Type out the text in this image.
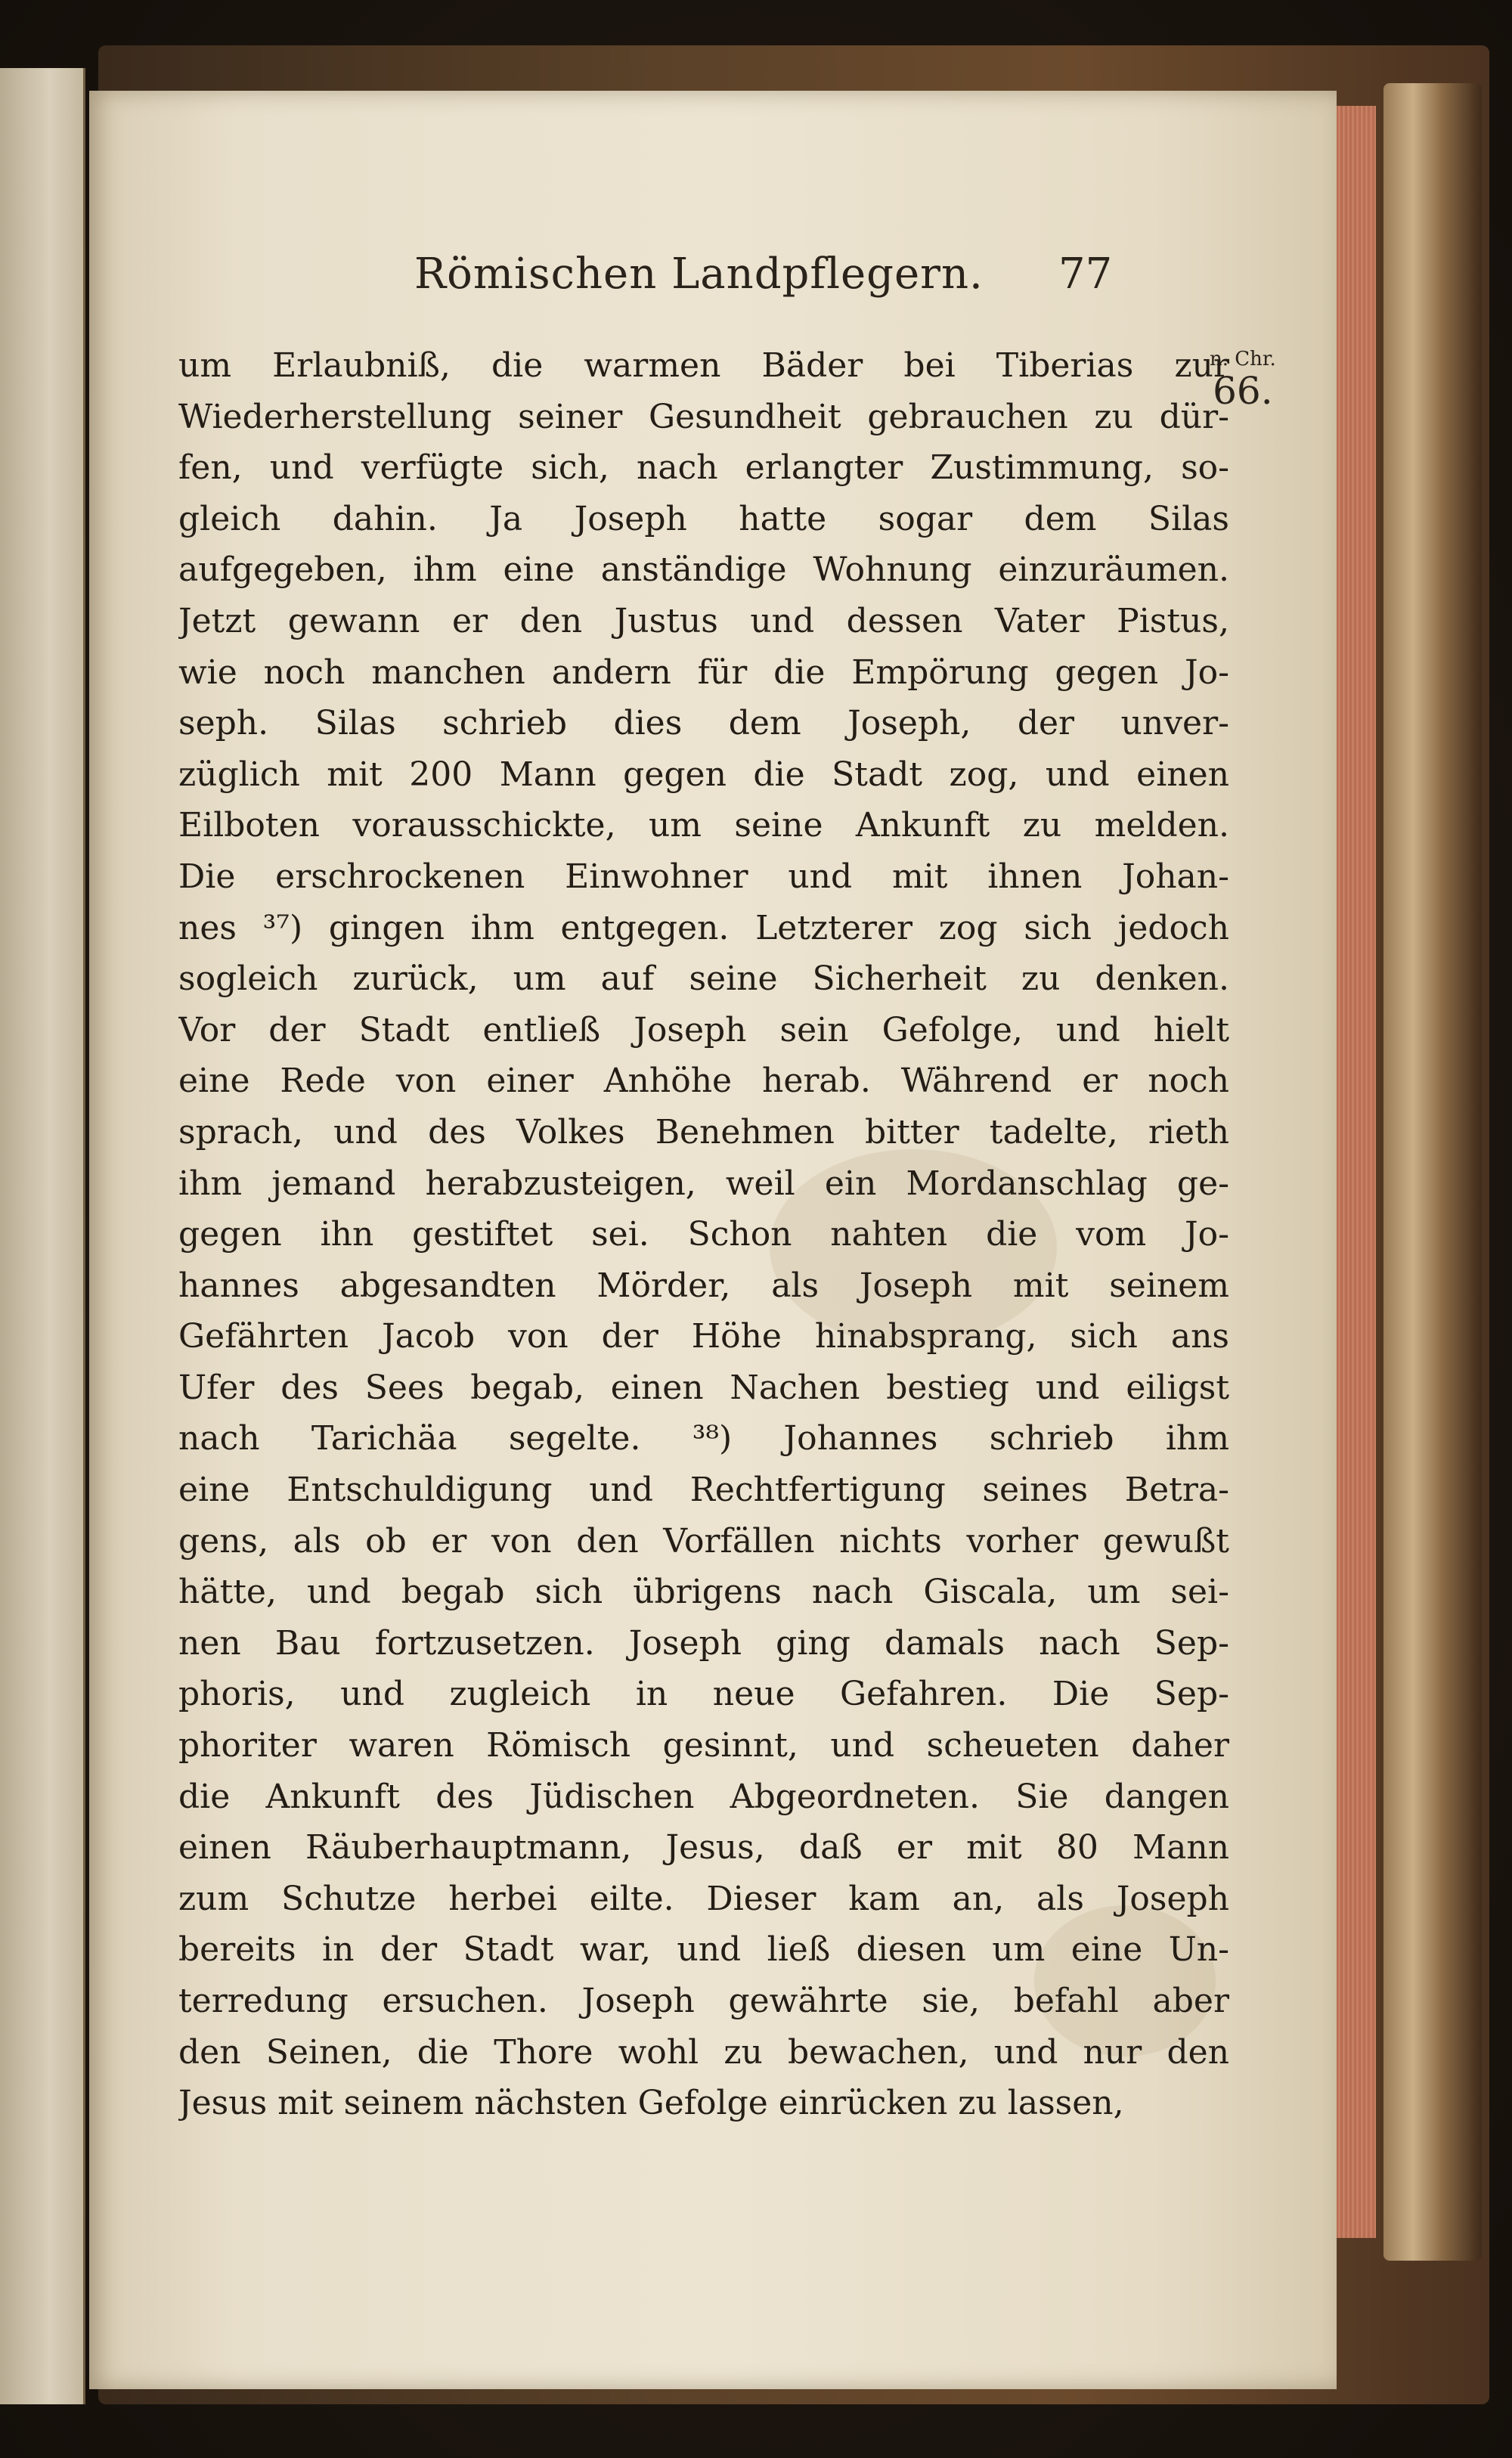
Römischen Landpflegern. 77
n. Chr.
66.
um Erlaubniß, die warmen Bäder bei Tiberias zur
Wiederherstellung seiner Gesundheit gebrauchen zu dür-
fen, und verfügte sich, nach erlangter Zustimmung, so-
gleich dahin. Ja Joseph hatte sogar dem Silas
aufgegeben, ihm eine anständige Wohnung einzuräumen.
Jetzt gewann er den Justus und dessen Vater Pistus,
wie noch manchen andern für die Empörung gegen Jo-
seph. Silas schrieb dies dem Joseph, der unver-
züglich mit 200 Mann gegen die Stadt zog, und einen
Eilboten vorausschickte, um seine Ankunft zu melden.
Die erschrockenen Einwohner und mit ihnen Johan-
nes ³⁷) gingen ihm entgegen. Letzterer zog sich jedoch
sogleich zurück, um auf seine Sicherheit zu denken.
Vor der Stadt entließ Joseph sein Gefolge, und hielt
eine Rede von einer Anhöhe herab. Während er noch
sprach, und des Volkes Benehmen bitter tadelte, rieth
ihm jemand herabzusteigen, weil ein Mordanschlag ge-
gegen ihn gestiftet sei. Schon nahten die vom Jo-
hannes abgesandten Mörder, als Joseph mit seinem
Gefährten Jacob von der Höhe hinabsprang, sich ans
Ufer des Sees begab, einen Nachen bestieg und eiligst
nach Tarichäa segelte. ³⁸) Johannes schrieb ihm
eine Entschuldigung und Rechtfertigung seines Betra-
gens, als ob er von den Vorfällen nichts vorher gewußt
hätte, und begab sich übrigens nach Giscala, um sei-
nen Bau fortzusetzen. Joseph ging damals nach Sep-
phoris, und zugleich in neue Gefahren. Die Sep-
phoriter waren Römisch gesinnt, und scheueten daher
die Ankunft des Jüdischen Abgeordneten. Sie dangen
einen Räuberhauptmann, Jesus, daß er mit 80 Mann
zum Schutze herbei eilte. Dieser kam an, als Joseph
bereits in der Stadt war, und ließ diesen um eine Un-
terredung ersuchen. Joseph gewährte sie, befahl aber
den Seinen, die Thore wohl zu bewachen, und nur den
Jesus mit seinem nächsten Gefolge einrücken zu lassen,
